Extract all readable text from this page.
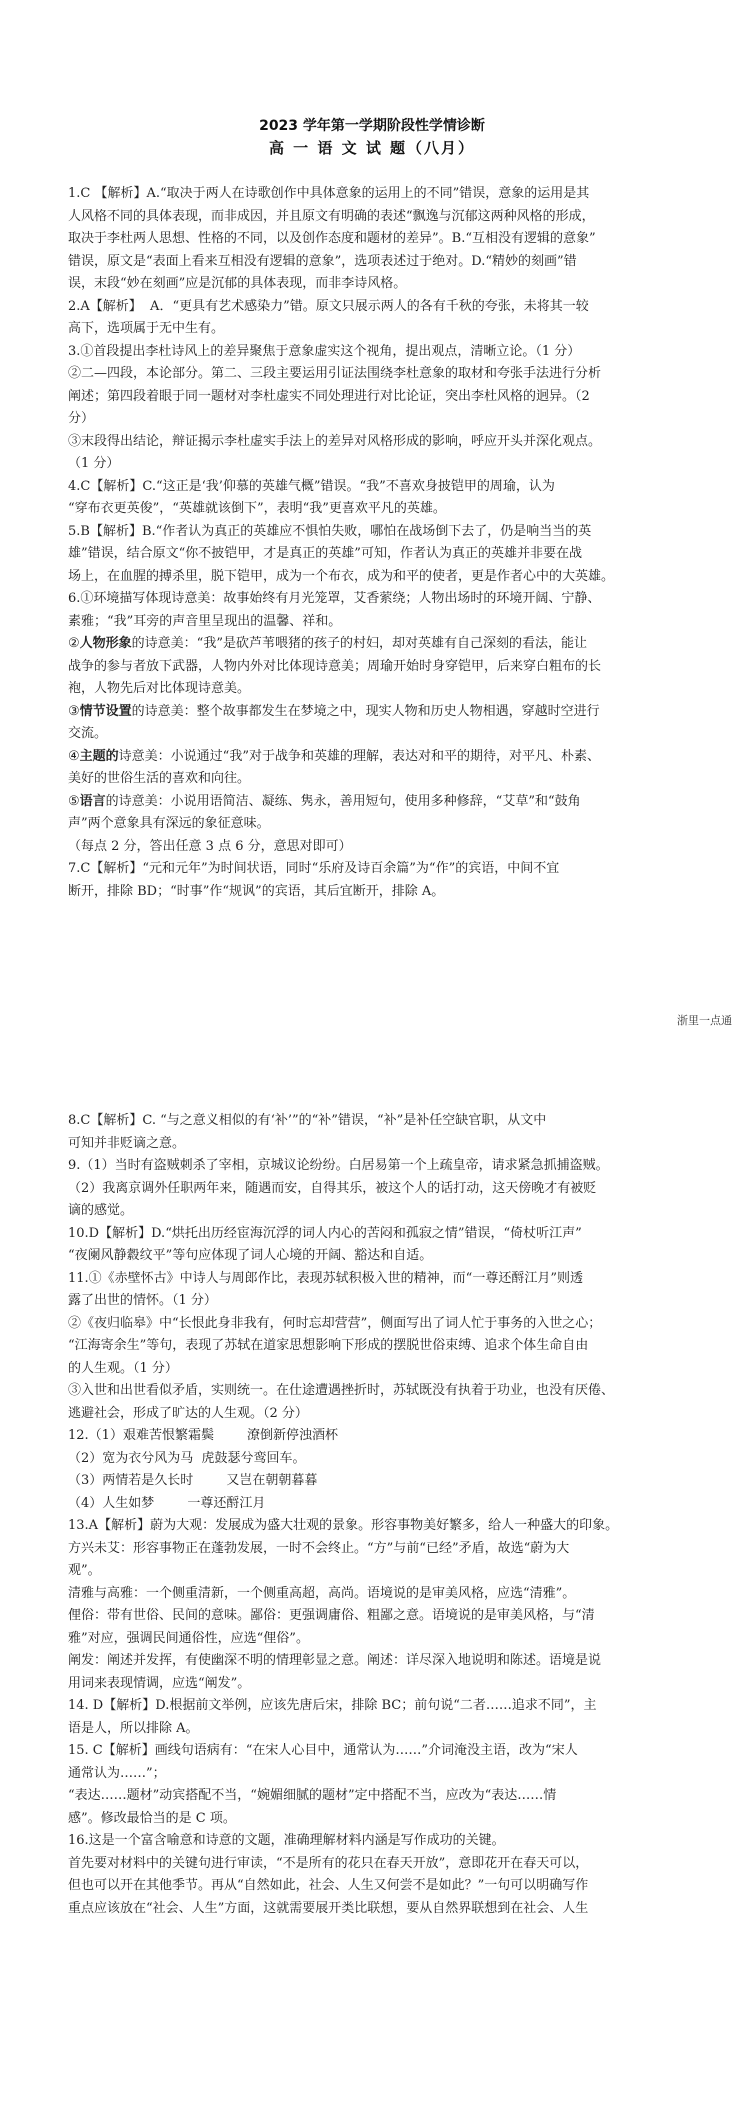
2023 学年第一学期阶段性学情诊断
高 一 语 文 试 题（八月）

1.C 【解析】A.“取决于两人在诗歌创作中具体意象的运用上的不同”错误，意象的运用是其

人风格不同的具体表现，而非成因，并且原文有明确的表述“飘逸与沉郁这两种风格的形成，

取决于李杜两人思想、性格的不同，以及创作态度和题材的差异”。B.“互相没有逻辑的意象”

错误，原文是“表面上看来互相没有逻辑的意象”，选项表述过于绝对。D.“精妙的刻画”错

误，末段“妙在刻画”应是沉郁的具体表现，而非李诗风格。

2.A【解析】  A．“更具有艺术感染力”错。原文只展示两人的各有千秋的夸张，未将其一较

高下，选项属于无中生有。

3.①首段提出李杜诗风上的差异聚焦于意象虚实这个视角，提出观点，清晰立论。（1 分）

②二—四段，本论部分。第二、三段主要运用引证法围绕李杜意象的取材和夸张手法进行分析

阐述；第四段着眼于同一题材对李杜虚实不同处理进行对比论证，突出李杜风格的迥异。（2

分）

③末段得出结论，辩证揭示李杜虚实手法上的差异对风格形成的影响，呼应开头并深化观点。

（1 分）

4.C【解析】C.“这正是‘我’仰慕的英雄气概”错误。“我”不喜欢身披铠甲的周瑜，认为

“穿布衣更英俊”，“英雄就该倒下”，表明“我”更喜欢平凡的英雄。

5.B【解析】B.“作者认为真正的英雄应不惧怕失败，哪怕在战场倒下去了，仍是响当当的英

雄”错误，结合原文“你不披铠甲，才是真正的英雄”可知，作者认为真正的英雄并非要在战

场上，在血腥的搏杀里，脱下铠甲，成为一个布衣，成为和平的使者，更是作者心中的大英雄。

6.①环境描写体现诗意美：故事始终有月光笼罩，艾香萦绕；人物出场时的环境开阔、宁静、

素雅；“我”耳旁的声音里呈现出的温馨、祥和。

②人物形象的诗意美：“我”是砍芦苇喂猪的孩子的村妇，却对英雄有自己深刻的看法，能让

战争的参与者放下武器，人物内外对比体现诗意美；周瑜开始时身穿铠甲，后来穿白粗布的长

袍，人物先后对比体现诗意美。

③情节设置的诗意美：整个故事都发生在梦境之中，现实人物和历史人物相遇，穿越时空进行

交流。

④主题的诗意美：小说通过“我”对于战争和英雄的理解，表达对和平的期待，对平凡、朴素、

美好的世俗生活的喜欢和向往。

⑤语言的诗意美：小说用语简洁、凝练、隽永，善用短句，使用多种修辞，“艾草”和“鼓角

声”两个意象具有深远的象征意味。

（每点 2 分，答出任意 3 点 6 分，意思对即可）

7.C【解析】“元和元年”为时间状语，同时“乐府及诗百余篇”为“作”的宾语，中间不宜

断开，排除 BD；“时事”作“规讽”的宾语，其后宜断开，排除 A。

浙里一点通

8.C【解析】C. “与之意义相似的有‘补’”的“补”错误，“补”是补任空缺官职，从文中

可知并非贬谪之意。

9.（1）当时有盗贼刺杀了宰相，京城议论纷纷。白居易第一个上疏皇帝，请求紧急抓捕盗贼。

（2）我离京调外任职两年来，随遇而安，自得其乐，被这个人的话打动，这天傍晚才有被贬

谪的感觉。

10.D【解析】D.“烘托出历经宦海沉浮的词人内心的苦闷和孤寂之情”错误，“倚杖听江声”

“夜阑风静縠纹平”等句应体现了词人心境的开阔、豁达和自适。

11.①《赤壁怀古》中诗人与周郎作比，表现苏轼积极入世的精神，而“一尊还酹江月”则透

露了出世的情怀。（1 分）

②《夜归临皋》中“长恨此身非我有，何时忘却营营”，侧面写出了词人忙于事务的入世之心；

“江海寄余生”等句，表现了苏轼在道家思想影响下形成的摆脱世俗束缚、追求个体生命自由

的人生观。（1 分）

③入世和出世看似矛盾，实则统一。在仕途遭遇挫折时，苏轼既没有执着于功业，也没有厌倦、

逃避社会，形成了旷达的人生观。（2 分）

12.（1）艰难苦恨繁霜鬓        潦倒新停浊酒杯

（2）宽为衣兮风为马  虎鼓瑟兮鸾回车。

（3）两情若是久长时        又岂在朝朝暮暮

（4）人生如梦        一尊还酹江月

13.A【解析】蔚为大观：发展成为盛大壮观的景象。形容事物美好繁多，给人一种盛大的印象。

方兴未艾：形容事物正在蓬勃发展，一时不会终止。“方”与前“已经”矛盾，故选“蔚为大

观”。

清雅与高雅：一个侧重清新，一个侧重高超，高尚。语境说的是审美风格，应选“清雅”。

俚俗：带有世俗、民间的意味。鄙俗：更强调庸俗、粗鄙之意。语境说的是审美风格，与“清

雅”对应，强调民间通俗性，应选“俚俗”。

阐发：阐述并发挥，有使幽深不明的情理彰显之意。阐述：详尽深入地说明和陈述。语境是说

用词来表现情调，应选“阐发”。

14. D【解析】D.根据前文举例，应该先唐后宋，排除 BC；前句说“二者……追求不同”，主

语是人，所以排除 A。

15. C【解析】画线句语病有：“在宋人心目中，通常认为……”介词淹没主语，改为“宋人

通常认为……”；

“表达……题材”动宾搭配不当，“婉媚细腻的题材”定中搭配不当，应改为“表达……情

感”。修改最恰当的是 C 项。

16.这是一个富含喻意和诗意的文题，准确理解材料内涵是写作成功的关键。

首先要对材料中的关键句进行审读，“不是所有的花只在春天开放”，意即花开在春天可以，

但也可以开在其他季节。再从“自然如此，社会、人生又何尝不是如此？”一句可以明确写作

重点应该放在“社会、人生”方面，这就需要展开类比联想，要从自然界联想到在社会、人生
